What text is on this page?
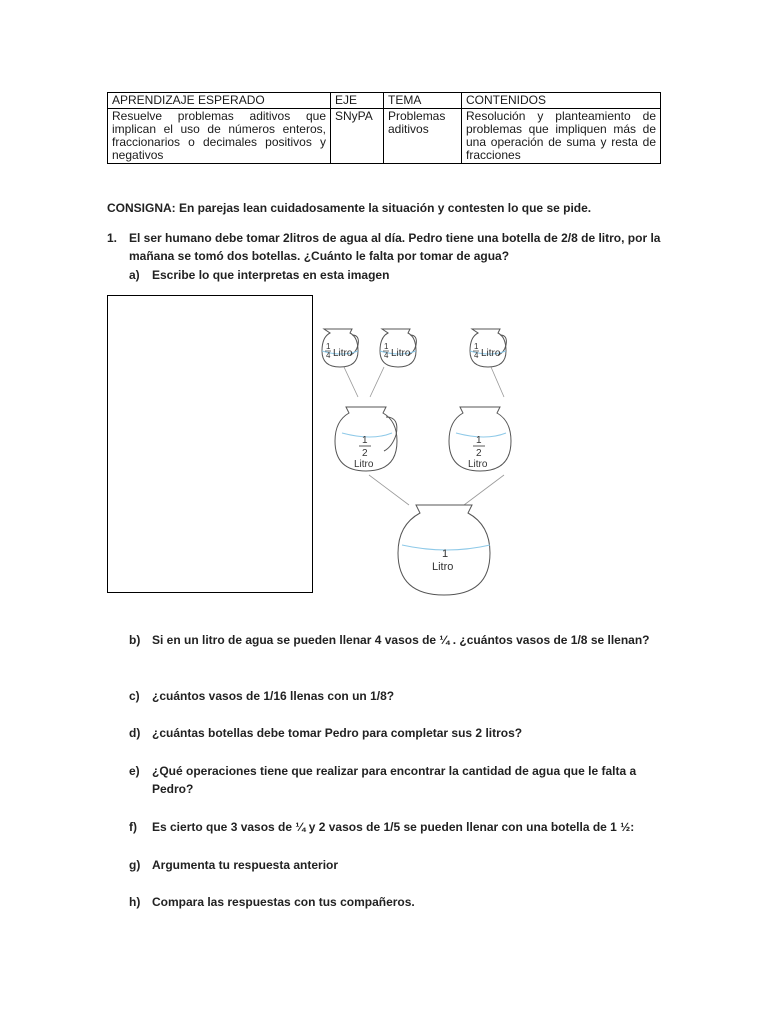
APRENDIZAJE ESPERADO	EJE	TEMA	CONTENIDOS
Resuelve problemas aditivos que implican el uso de números enteros, fraccionarios o decimales positivos y negativos	SNyPA	Problemas aditivos	Resolución y planteamiento de problemas que impliquen más de una operación de suma y resta de fracciones
CONSIGNA: En parejas lean cuidadosamente la situación y contesten lo que se pide.
1. El ser humano debe tomar 2litros de agua al día. Pedro tiene una botella de 2/8 de litro, por la
mañana se tomó dos botellas. ¿Cuánto le falta por tomar de agua?
a) Escribe lo que interpretas en esta imagen
1
4 Litro
1
4 Litro
1
4 Litro
1
2
Litro
1
2
Litro
1
Litro
b) Si en un litro de agua se pueden llenar 4 vasos de ¼ . ¿cuántos vasos de 1/8 se llenan?
c) ¿cuántos vasos de 1/16 llenas con un 1/8?
d) ¿cuántas botellas debe tomar Pedro para completar sus 2 litros?
e) ¿Qué operaciones tiene que realizar para encontrar la cantidad de agua que le falta a
Pedro?
f) Es cierto que 3 vasos de ¼ y 2 vasos de 1/5 se pueden llenar con una botella de 1 ½:
g) Argumenta tu respuesta anterior
h) Compara las respuestas con tus compañeros.
